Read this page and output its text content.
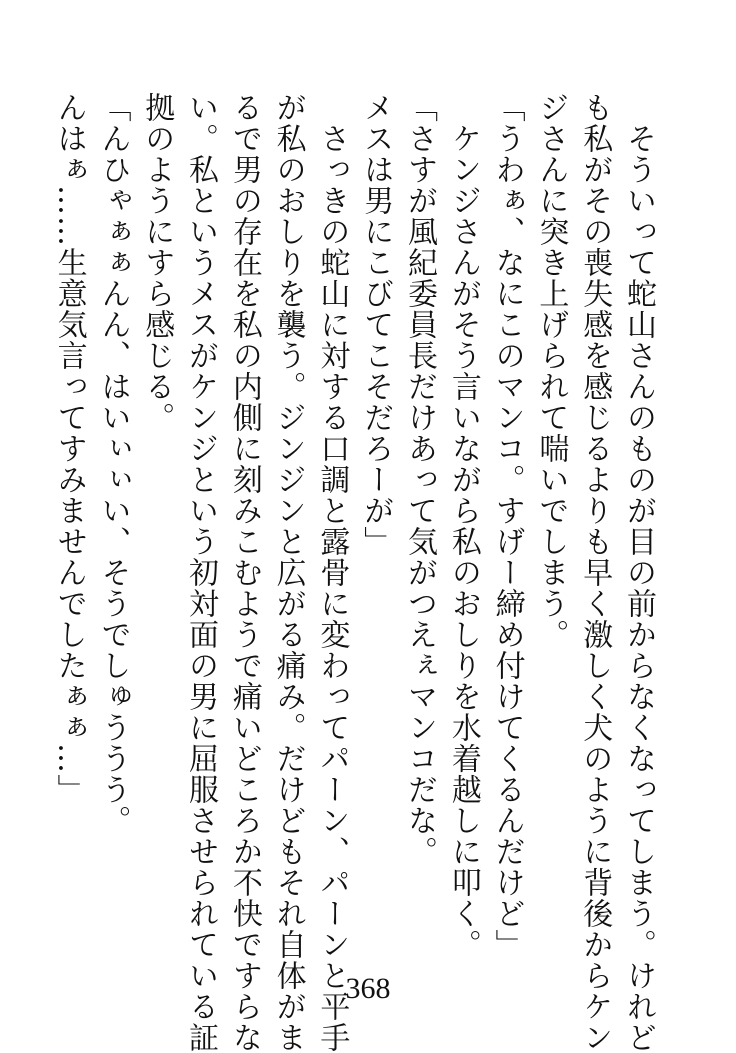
　そういって蛇山さんのものが目の前からなくなってしまう。けれど
も私がその喪失感を感じるよりも早く激しく犬のように背後からケン
ジさんに突き上げられて喘いでしまう。
「うわぁ、なにこのマンコ。すげー締め付けてくるんだけど」
　ケンジさんがそう言いながら私のおしりを水着越しに叩く。
「さすが風紀委員長だけあって気がつえぇマンコだな。
メスは男にこびてこそだろーが」
　さっきの蛇山に対する口調と露骨に変わってパーン、パーンと平手
が私のおしりを襲う。ジンジンと広がる痛み。だけどもそれ自体がま
るで男の存在を私の内側に刻みこむようで痛いどころか不快ですらな
い。私というメスがケンジという初対面の男に屈服させられている証
拠のようにすら感じる。
「んひゃぁぁんん、はいぃぃい、そうでしゅううう。
んはぁ……生意気言ってすみませんでしたぁぁ…」
368
